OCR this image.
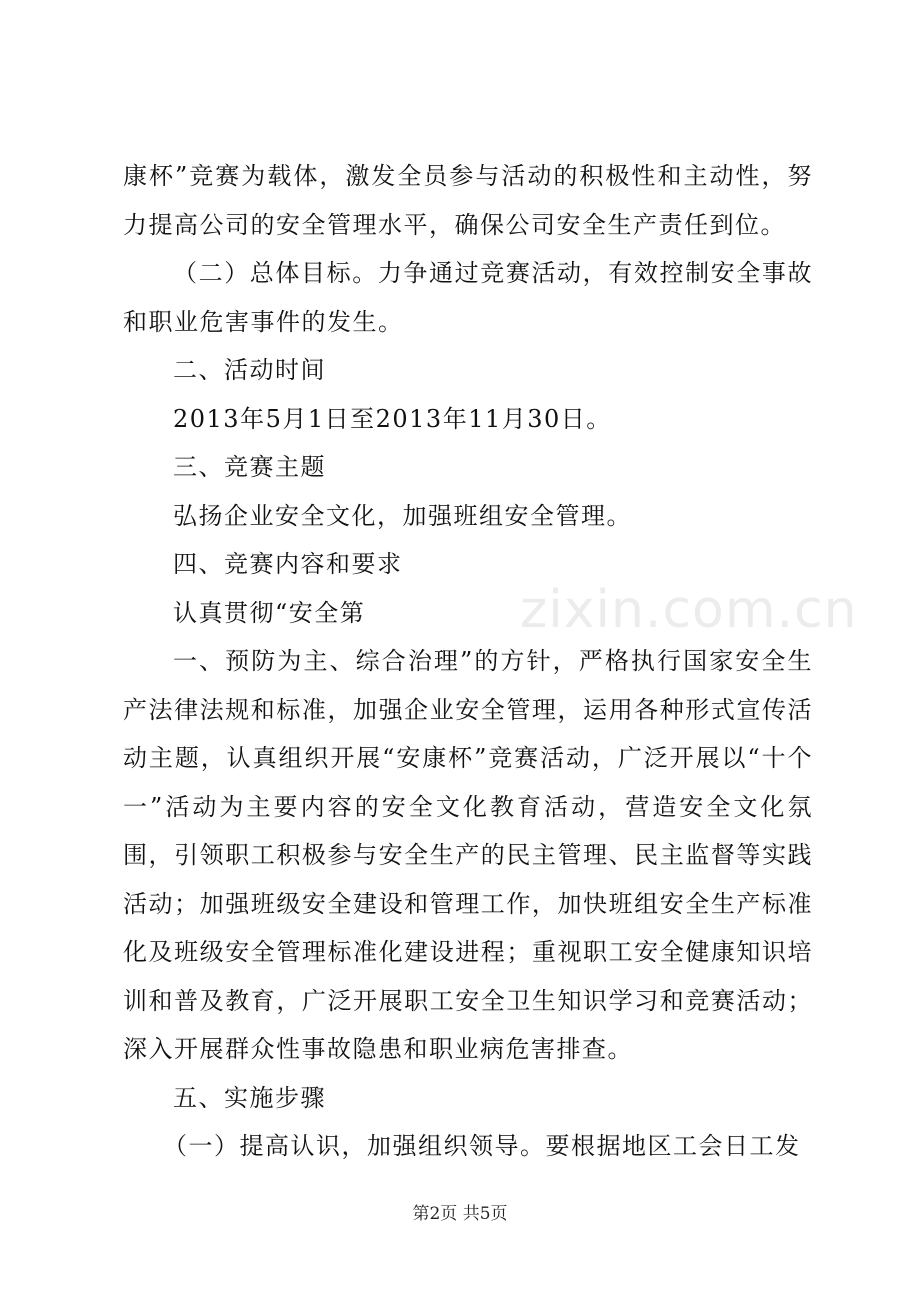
zixin.com.cn

康杯”竞赛为载体，激发全员参与活动的积极性和主动性，努力提高公司的安全管理水平，确保公司安全生产责任到位。

（二）总体目标。力争通过竞赛活动，有效控制安全事故和职业危害事件的发生。

二、活动时间

2013年5月1日至2013年11月30日。

三、竞赛主题

弘扬企业安全文化，加强班组安全管理。

四、竞赛内容和要求

认真贯彻“安全第

一、预防为主、综合治理”的方针，严格执行国家安全生产法律法规和标准，加强企业安全管理，运用各种形式宣传活动主题，认真组织开展“安康杯”竞赛活动，广泛开展以“十个一”活动为主要内容的安全文化教育活动，营造安全文化氛围，引领职工积极参与安全生产的民主管理、民主监督等实践活动；加强班级安全建设和管理工作，加快班组安全生产标准化及班级安全管理标准化建设进程；重视职工安全健康知识培训和普及教育，广泛开展职工安全卫生知识学习和竞赛活动；深入开展群众性事故隐患和职业病危害排查。

五、实施步骤

（一）提高认识，加强组织领导。要根据地区工会日工发

第2页 共5页
